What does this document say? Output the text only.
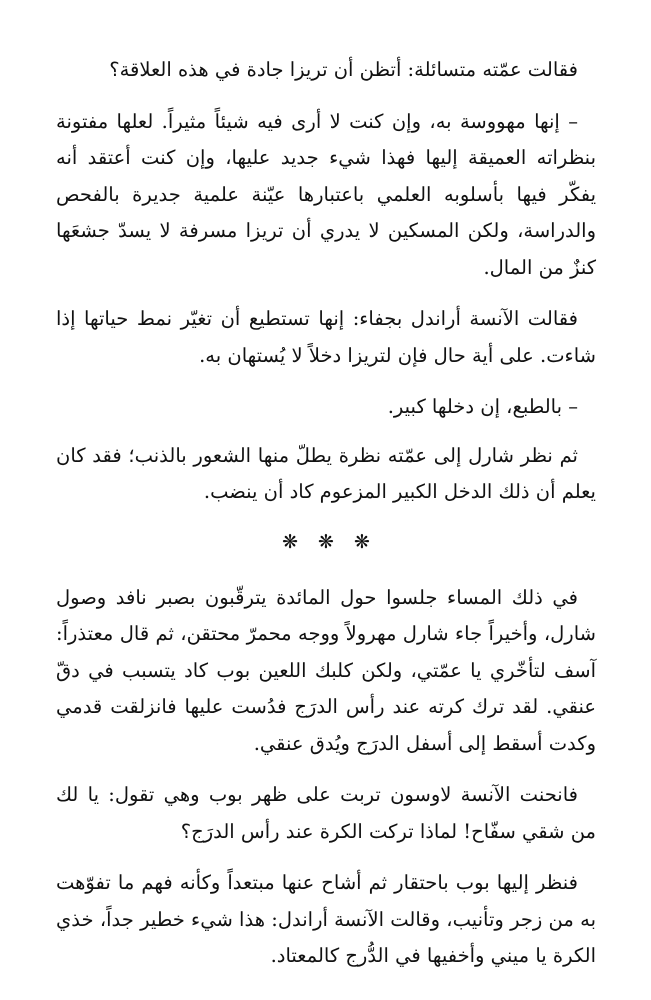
فقالت عمّته متسائلة: أتظن أن تريزا جادة في هذه العلاقة؟

– إنها مهووسة به، وإن كنت لا أرى فيه شيئاً مثيراً. لعلها مفتونة بنظراته العميقة إليها فهذا شيء جديد عليها، وإن كنت أعتقد أنه يفكّر فيها بأسلوبه العلمي باعتبارها عيّنة علمية جديرة بالفحص والدراسة، ولكن المسكين لا يدري أن تريزا مسرفة لا يسدّ جشعَها كنزٌ من المال.

فقالت الآنسة أراندل بجفاء: إنها تستطيع أن تغيّر نمط حياتها إذا شاءت. على أية حال فإن لتريزا دخلاً لا يُستهان به.

– بالطبع، إن دخلها كبير.

ثم نظر شارل إلى عمّته نظرة يطلّ منها الشعور بالذنب؛ فقد كان يعلم أن ذلك الدخل الكبير المزعوم كاد أن ينضب.

❋❋❋

في ذلك المساء جلسوا حول المائدة يترقّبون بصبر نافد وصول شارل، وأخيراً جاء شارل مهرولاً ووجه محمرّ محتقن، ثم قال معتذراً: آسف لتأخّري يا عمّتي، ولكن كلبك اللعين بوب كاد يتسبب في دقّ عنقي. لقد ترك كرته عند رأس الدرَج فدُست عليها فانزلقت قدمي وكدت أسقط إلى أسفل الدرَج ويُدق عنقي.

فانحنت الآنسة لاوسون تربت على ظهر بوب وهي تقول: يا لك من شقي سفّاح! لماذا تركت الكرة عند رأس الدرَج؟

فنظر إليها بوب باحتقار ثم أشاح عنها مبتعداً وكأنه فهم ما تفوّهت به من زجر وتأنيب، وقالت الآنسة أراندل: هذا شيء خطير جداً، خذي الكرة يا ميني وأخفيها في الدُّرج كالمعتاد.
